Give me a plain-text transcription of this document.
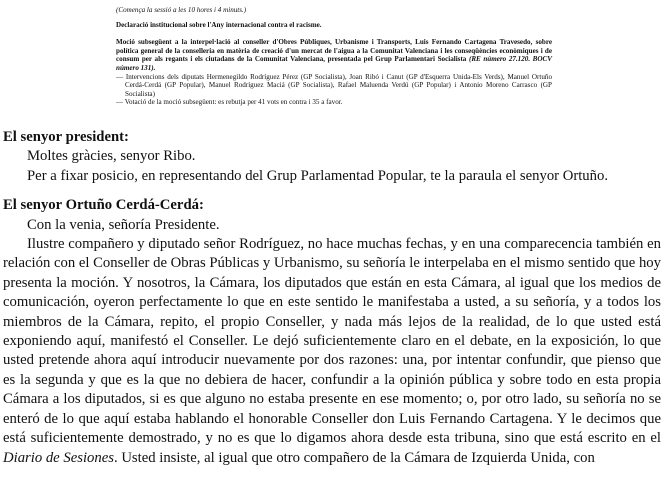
(Comença la sessió a les 10 hores i 4 minuts.)

Declaració institucional sobre l'Any internacional contra el racisme.

Moció subsegüent a la interpel·lació al conseller d'Obres Públiques, Urbanisme i Transports, Luis Fernando Cartagena Travesedo, sobre política general de la conselleria en matèria de creació d'un mercat de l'aigua a la Comunitat Valenciana i les conseqüències econòmiques i de consum per als regants i els ciutadans de la Comunitat Valenciana, presentada pel Grup Parlamentari Socialista (RE número 27.120. BOCV número 131).

— Intervencions dels diputats Hermenegildo Rodríguez Pérez (GP Socialista), Joan Ribó i Canut (GP d'Esquerra Unida-Els Verds), Manuel Ortuño Cerdá-Cerdá (GP Popular), Manuel Rodríguez Maciá (GP Socialista), Rafael Maluenda Verdú (GP Popular) i Antonio Moreno Carrasco (GP Socialista)

— Votació de la moció subsegüent: es rebutja per 41 vots en contra i 35 a favor.

El senyor president:

Moltes gràcies, senyor Ribo.

Per a fixar posicio, en representando del Grup Parlamentad Popular, te la paraula el senyor Ortuño.

El senyor Ortuño Cerdá-Cerdá:

Con la venia, señoría Presidente.

Ilustre compañero y diputado señor Rodríguez, no hace muchas fechas, y en una comparecencia también en relación con el Conseller de Obras Públicas y Urbanismo, su señoría le interpelaba en el mismo sentido que hoy presenta la moción. Y nosotros, la Cámara, los diputados que están en esta Cámara, al igual que los medios de comunicación, oyeron perfectamente lo que en este sentido le manifestaba a usted, a su señoría, y a todos los miembros de la Cámara, repito, el propio Conseller, y nada más lejos de la realidad, de lo que usted está exponiendo aquí, manifestó el Conseller. Le dejó suficientemente claro en el debate, en la exposición, lo que usted pretende ahora aquí introducir nuevamente por dos razones: una, por intentar confundir, que pienso que es la segunda y que es la que no debiera de hacer, confundir a la opinión pública y sobre todo en esta propia Cámara a los diputados, si es que alguno no estaba presente en ese momento; o, por otro lado, su señoría no se enteró de lo que aquí estaba hablando el honorable Conseller don Luis Fernando Cartagena. Y le decimos que está suficientemente demostrado, y no es que lo digamos ahora desde esta tribuna, sino que está escrito en el Diario de Sesiones. Usted insiste, al igual que otro compañero de la Cámara de Izquierda Unida, con
